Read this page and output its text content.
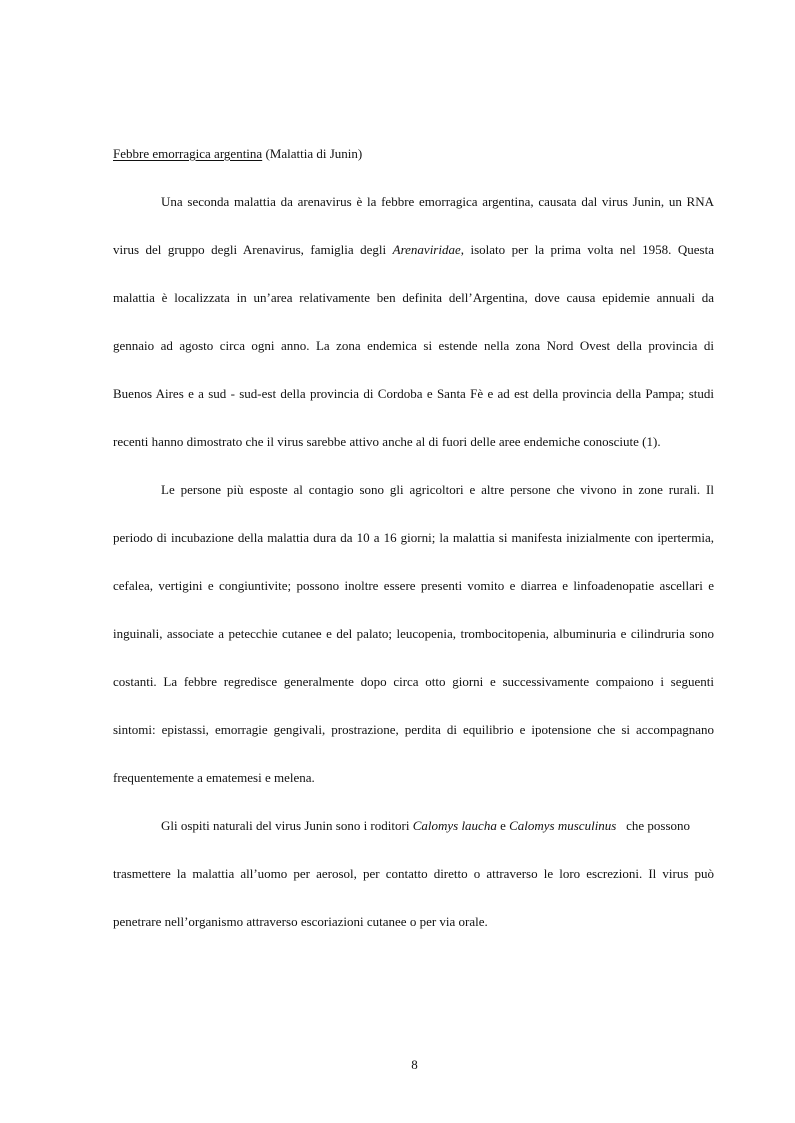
Febbre emorragica argentina (Malattia di Junin)
Una seconda malattia da arenavirus è la febbre emorragica argentina, causata dal virus Junin, un RNA
virus del gruppo degli Arenavirus, famiglia degli Arenaviridae, isolato per la prima volta nel 1958. Questa
malattia è localizzata in un’area relativamente ben definita dell’Argentina, dove causa epidemie annuali da
gennaio ad agosto circa ogni anno. La zona endemica si estende nella zona Nord Ovest della provincia di
Buenos Aires e a sud - sud-est della provincia di Cordoba e Santa Fè e ad est della provincia della Pampa; studi
recenti hanno dimostrato che il virus sarebbe attivo anche al di fuori delle aree endemiche conosciute (1).
Le persone più esposte al contagio sono gli agricoltori e altre persone che vivono in zone rurali. Il
periodo di incubazione della malattia dura da 10 a 16 giorni; la malattia si manifesta inizialmente con ipertermia,
cefalea, vertigini e congiuntivite; possono inoltre essere presenti vomito e diarrea e linfoadenopatie ascellari e
inguinali, associate a petecchie cutanee e del palato; leucopenia, trombocitopenia, albuminuria e cilindruria sono
costanti. La febbre regredisce generalmente dopo circa otto giorni e successivamente compaiono i seguenti
sintomi: epistassi, emorragie gengivali, prostrazione, perdita di equilibrio e ipotensione che si accompagnano
frequentemente a ematemesi e melena.
Gli ospiti naturali del virus Junin sono i roditori Calomys laucha e Calomys musculinus che possono
trasmettere la malattia all’uomo per aerosol, per contatto diretto o attraverso le loro escrezioni. Il virus può
penetrare nell’organismo attraverso escoriazioni cutanee o per via orale.
8
